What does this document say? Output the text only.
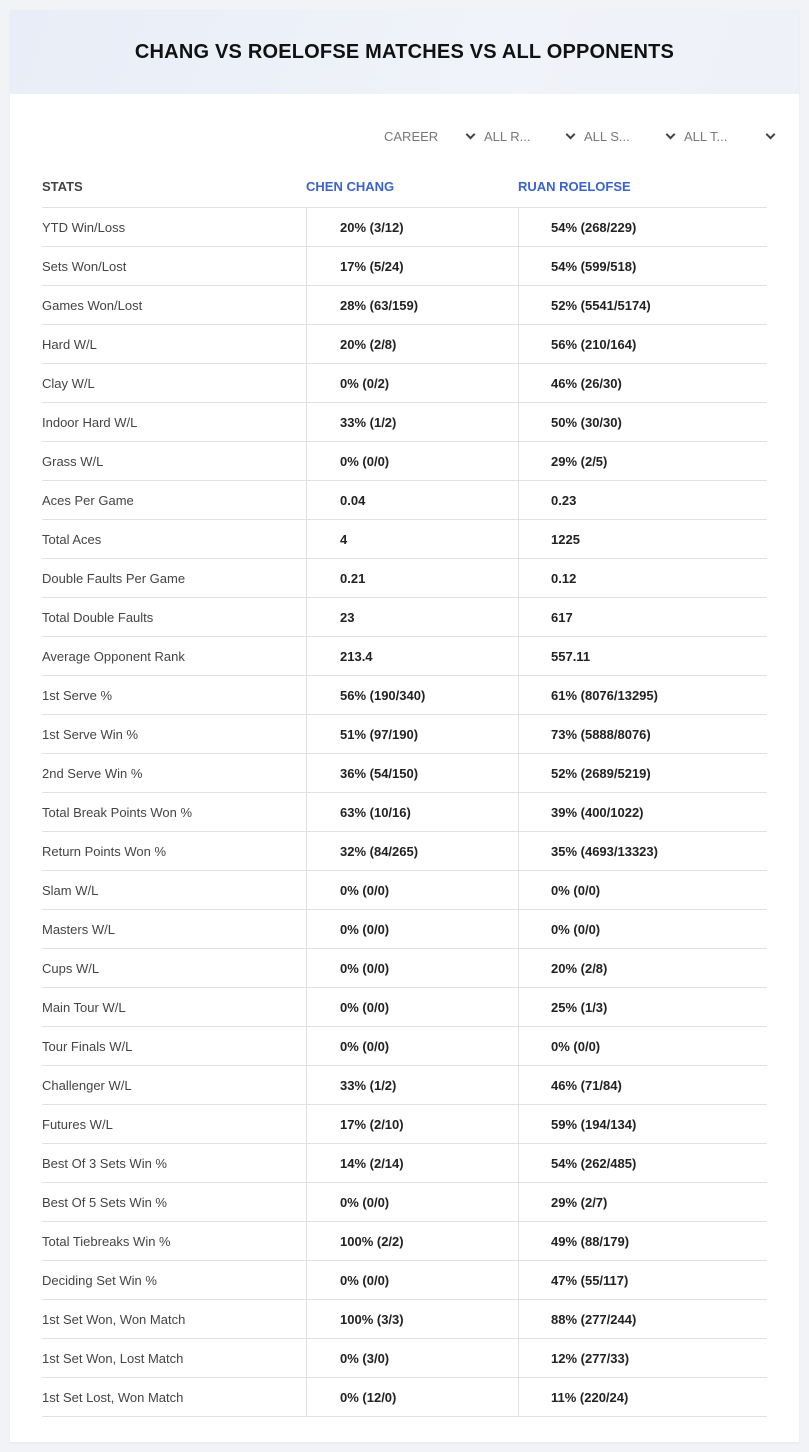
CHANG VS ROELOFSE MATCHES VS ALL OPPONENTS
CAREER	ALL R...	ALL S...	ALL T...
STATS	CHEN CHANG	RUAN ROELOFSE
YTD Win/Loss	20% (3/12)	54% (268/229)
Sets Won/Lost	17% (5/24)	54% (599/518)
Games Won/Lost	28% (63/159)	52% (5541/5174)
Hard W/L	20% (2/8)	56% (210/164)
Clay W/L	0% (0/2)	46% (26/30)
Indoor Hard W/L	33% (1/2)	50% (30/30)
Grass W/L	0% (0/0)	29% (2/5)
Aces Per Game	0.04	0.23
Total Aces	4	1225
Double Faults Per Game	0.21	0.12
Total Double Faults	23	617
Average Opponent Rank	213.4	557.11
1st Serve %	56% (190/340)	61% (8076/13295)
1st Serve Win %	51% (97/190)	73% (5888/8076)
2nd Serve Win %	36% (54/150)	52% (2689/5219)
Total Break Points Won %	63% (10/16)	39% (400/1022)
Return Points Won %	32% (84/265)	35% (4693/13323)
Slam W/L	0% (0/0)	0% (0/0)
Masters W/L	0% (0/0)	0% (0/0)
Cups W/L	0% (0/0)	20% (2/8)
Main Tour W/L	0% (0/0)	25% (1/3)
Tour Finals W/L	0% (0/0)	0% (0/0)
Challenger W/L	33% (1/2)	46% (71/84)
Futures W/L	17% (2/10)	59% (194/134)
Best Of 3 Sets Win %	14% (2/14)	54% (262/485)
Best Of 5 Sets Win %	0% (0/0)	29% (2/7)
Total Tiebreaks Win %	100% (2/2)	49% (88/179)
Deciding Set Win %	0% (0/0)	47% (55/117)
1st Set Won, Won Match	100% (3/3)	88% (277/244)
1st Set Won, Lost Match	0% (3/0)	12% (277/33)
1st Set Lost, Won Match	0% (12/0)	11% (220/24)
